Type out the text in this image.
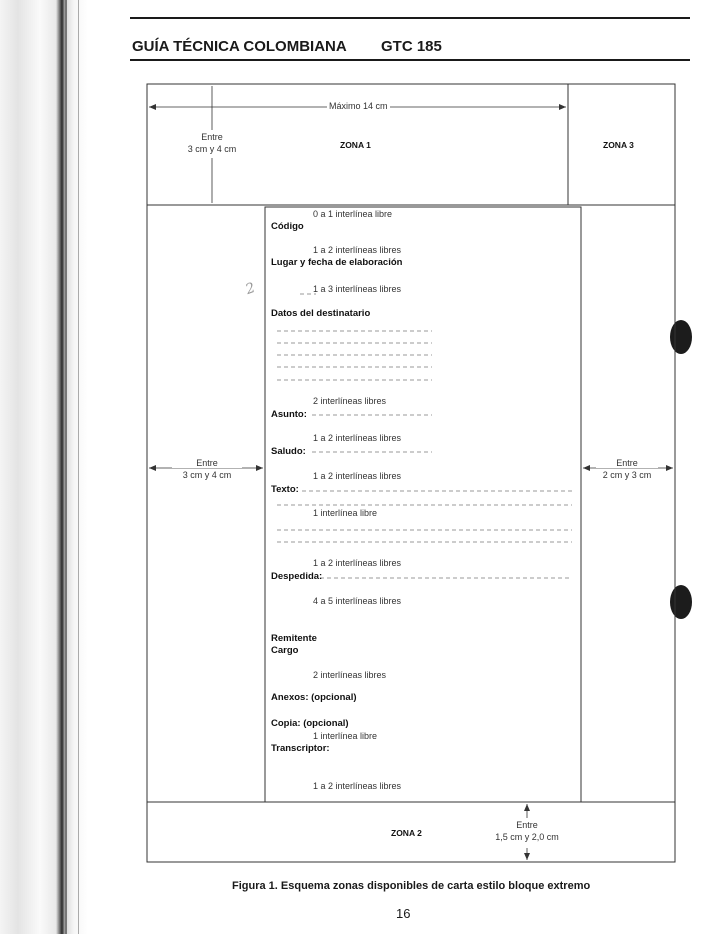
GUÍA TÉCNICA COLOMBIANA GTC 185
Máximo 14 cm
Entre
3 cm y 4 cm	ZONA 1	ZONA 3
Entre
3 cm y 4 cm
Entre
2 cm y 3 cm
2
0 a 1 interlínea libre
Código
1 a 2 interlíneas libres
Lugar y fecha de elaboración
1 a 3 interlíneas libres
Datos del destinatario
2 interlíneas libres
Asunto:
1 a 2 interlíneas libres
Saludo:
1 a 2 interlíneas libres
Texto:
1 interlínea libre
1 a 2 interlíneas libres
Despedida:
4 a 5 interlíneas libres
Remitente
Cargo
2 interlíneas libres
Anexos: (opcional)
Copia: (opcional)
1 interlínea libre
Transcriptor:
1 a 2 interlíneas libres
ZONA 2
Entre
1,5 cm y 2,0 cm
Figura 1. Esquema zonas disponibles de carta estilo bloque extremo
16
